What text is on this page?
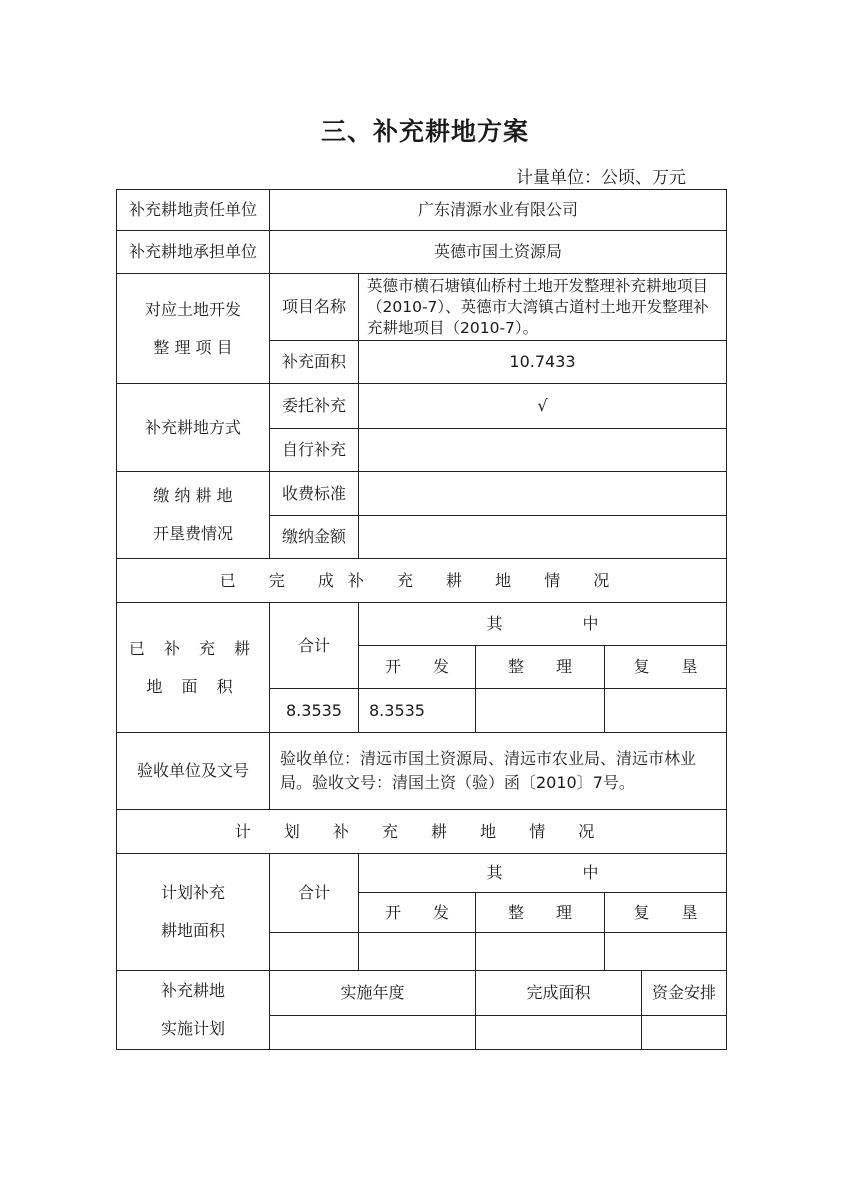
三、补充耕地方案
计量单位：公顷、万元
补充耕地责任单位	广东清源水业有限公司				
补充耕地承担单位	英德市国土资源局				

对应土地开发
整 理 项 目	项目名称	英德市横石塘镇仙桥村土地开发整理补充耕地项目（2010-7）、英德市大湾镇古道村土地开发整理补充耕地项目（2010-7）。			
	补充面积	10.7433			
补充耕地方式	委托补充	√			
	自行补充				

缴 纳 耕 地
开垦费情况	收费标准				
	缴纳金额				
已 完 成补 充 耕 地 情 况					

已 补 充 耕
地 面 积	合计	其　　　　　中			
		开　　发	整　　理	复　　垦	
	8.3535	8.3535			
验收单位及文号	验收单位：清远市国土资源局、清远市农业局、清远市林业局。验收文号：清国土资（验）函〔2010〕7号。				
计 划 补 充 耕 地 情 况					

计划补充
耕地面积	合计	其　　　　　中			
		开　　发	整　　理	复　　垦	

补充耕地
实施计划	实施年度		完成面积		资金安排
